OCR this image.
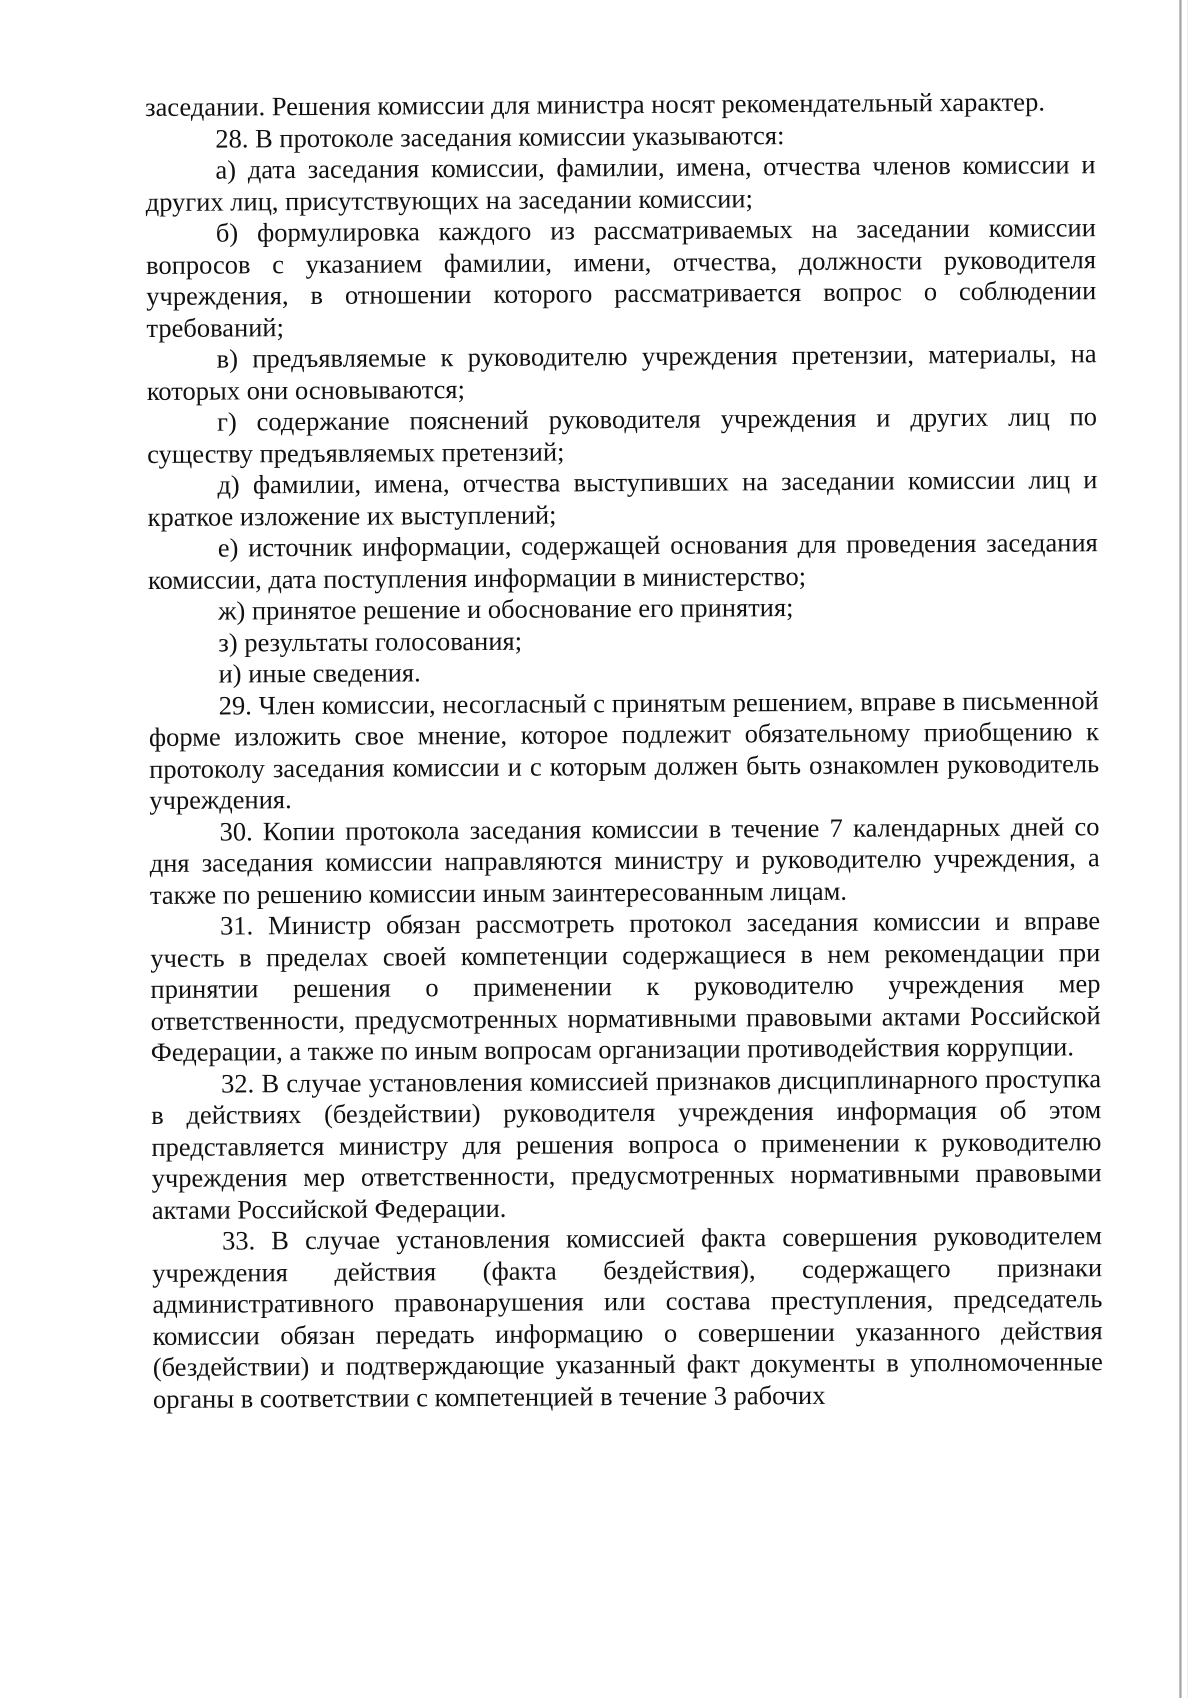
заседании. Решения комиссии для министра носят рекомендательный характер.

28. В протоколе заседания комиссии указываются:

а) дата заседания комиссии, фамилии, имена, отчества членов комиссии и других лиц, присутствующих на заседании комиссии;

б) формулировка каждого из рассматриваемых на заседании комиссии вопросов с указанием фамилии, имени, отчества, должности руководителя учреждения, в отношении которого рассматривается вопрос о соблюдении требований;

в) предъявляемые к руководителю учреждения претензии, материалы, на которых они основываются;

г) содержание пояснений руководителя учреждения и других лиц по существу предъявляемых претензий;

д) фамилии, имена, отчества выступивших на заседании комиссии лиц и краткое изложение их выступлений;

е) источник информации, содержащей основания для проведения заседания комиссии, дата поступления информации в министерство;

ж) принятое решение и обоснование его принятия;

з) результаты голосования;

и) иные сведения.

29. Член комиссии, несогласный с принятым решением, вправе в письменной форме изложить свое мнение, которое подлежит обязательному приобщению к протоколу заседания комиссии и с которым должен быть ознакомлен руководитель учреждения.

30. Копии протокола заседания комиссии в течение 7 календарных дней со дня заседания комиссии направляются министру и руководителю учреждения, а также по решению комиссии иным заинтересованным лицам.

31. Министр обязан рассмотреть протокол заседания комиссии и вправе учесть в пределах своей компетенции содержащиеся в нем рекомендации при принятии решения о применении к руководителю учреждения мер ответственности, предусмотренных нормативными правовыми актами Российской Федерации, а также по иным вопросам организации противодействия коррупции.

32. В случае установления комиссией признаков дисциплинарного проступка в действиях (бездействии) руководителя учреждения информация об этом представляется министру для решения вопроса о применении к руководителю учреждения мер ответственности, предусмотренных нормативными правовыми актами Российской Федерации.

33. В случае установления комиссией факта совершения руководителем учреждения действия (факта бездействия), содержащего признаки административного правонарушения или состава преступления, председатель комиссии обязан передать информацию о совершении указанного действия (бездействии) и подтверждающие указанный факт документы в уполномоченные органы в соответствии с компетенцией в течение 3 рабочих
